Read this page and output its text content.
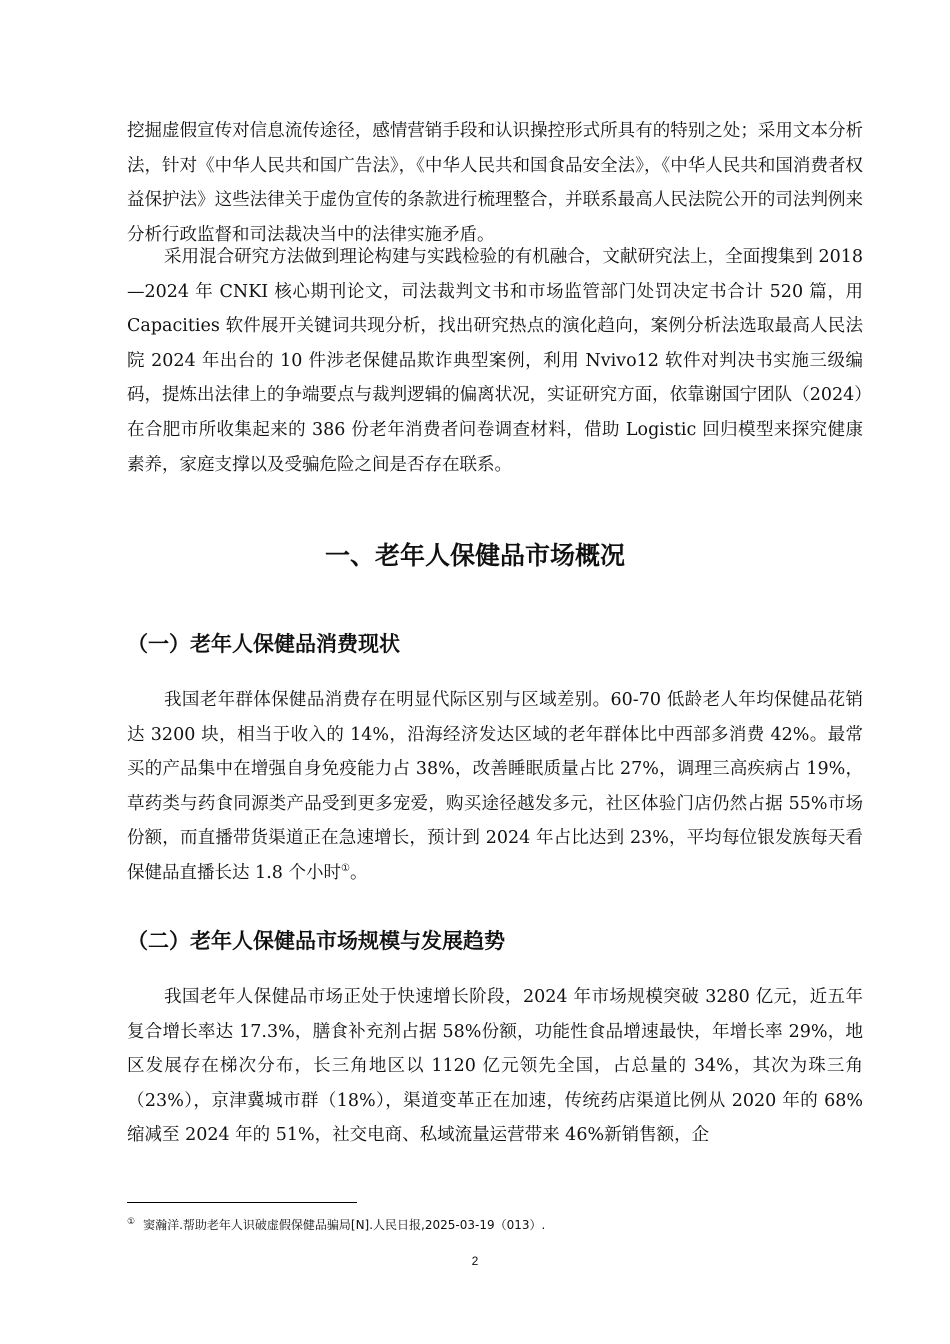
挖掘虚假宣传对信息流传途径，感情营销手段和认识操控形式所具有的特别之处；采用文本分析法，针对《中华人民共和国广告法》，《中华人民共和国食品安全法》，《中华人民共和国消费者权益保护法》这些法律关于虚伪宣传的条款进行梳理整合，并联系最高人民法院公开的司法判例来分析行政监督和司法裁决当中的法律实施矛盾。

采用混合研究方法做到理论构建与实践检验的有机融合，文献研究法上，全面搜集到 2018—2024 年 CNKI 核心期刊论文，司法裁判文书和市场监管部门处罚决定书合计 520 篇，用 Capacities 软件展开关键词共现分析，找出研究热点的演化趋向，案例分析法选取最高人民法院 2024 年出台的 10 件涉老保健品欺诈典型案例，利用 Nvivo12 软件对判决书实施三级编码，提炼出法律上的争端要点与裁判逻辑的偏离状况，实证研究方面，依靠谢国宁团队（2024）在合肥市所收集起来的 386 份老年消费者问卷调查材料，借助 Logistic 回归模型来探究健康素养，家庭支撑以及受骗危险之间是否存在联系。

一、老年人保健品市场概况
（一）老年人保健品消费现状

我国老年群体保健品消费存在明显代际区别与区域差别。60-70 低龄老人年均保健品花销达 3200 块，相当于收入的 14%，沿海经济发达区域的老年群体比中西部多消费 42%。最常买的产品集中在增强自身免疫能力占 38%，改善睡眠质量占比 27%，调理三高疾病占 19%，草药类与药食同源类产品受到更多宠爱，购买途径越发多元，社区体验门店仍然占据 55%市场份额，而直播带货渠道正在急速增长，预计到 2024 年占比达到 23%，平均每位银发族每天看保健品直播长达 1.8 个小时①。

（二）老年人保健品市场规模与发展趋势

我国老年人保健品市场正处于快速增长阶段，2024 年市场规模突破 3280 亿元，近五年复合增长率达 17.3%，膳食补充剂占据 58%份额，功能性食品增速最快，年增长率 29%，地区发展存在梯次分布，长三角地区以 1120 亿元领先全国，占总量的 34%，其次为珠三角（23%），京津冀城市群（18%），渠道变革正在加速，传统药店渠道比例从 2020 年的 68%缩减至 2024 年的 51%，社交电商、私域流量运营带来 46%新销售额，企

① 窦瀚洋.帮助老年人识破虚假保健品骗局[N].人民日报,2025-03-19（013）.

2
